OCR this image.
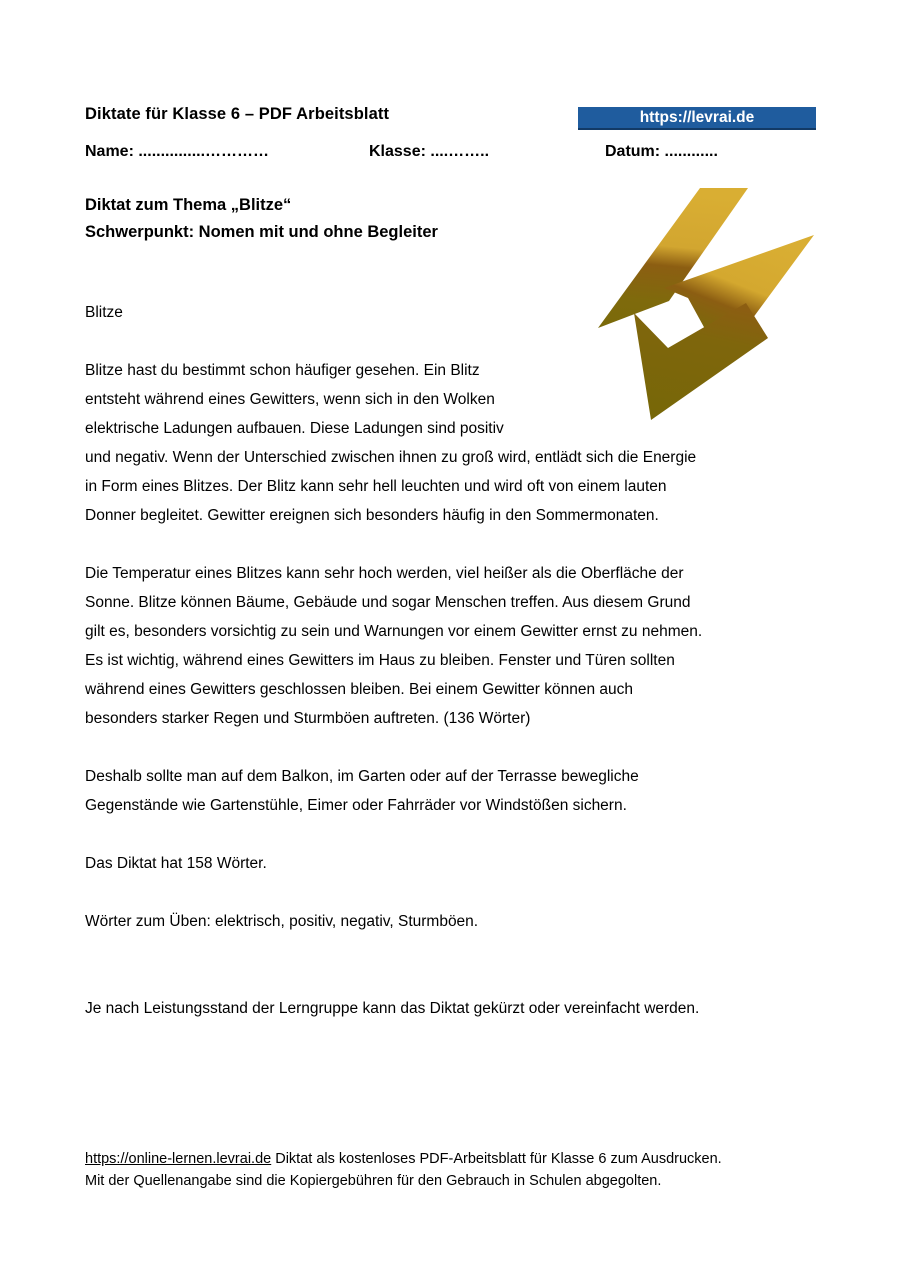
Diktate für Klasse 6 – PDF Arbeitsblatt	https://levrai.de
Name: ...............…………	Klasse: ....……..	Datum: ............
Diktat zum Thema „Blitze“
Schwerpunkt: Nomen mit und ohne Begleiter
Blitze
Blitze hast du bestimmt schon häufiger gesehen. Ein Blitz
entsteht während eines Gewitters, wenn sich in den Wolken
elektrische Ladungen aufbauen. Diese Ladungen sind positiv
und negativ. Wenn der Unterschied zwischen ihnen zu groß wird, entlädt sich die Energie
in Form eines Blitzes. Der Blitz kann sehr hell leuchten und wird oft von einem lauten
Donner begleitet. Gewitter ereignen sich besonders häufig in den Sommermonaten.
Die Temperatur eines Blitzes kann sehr hoch werden, viel heißer als die Oberfläche der
Sonne. Blitze können Bäume, Gebäude und sogar Menschen treffen. Aus diesem Grund
gilt es, besonders vorsichtig zu sein und Warnungen vor einem Gewitter ernst zu nehmen.
Es ist wichtig, während eines Gewitters im Haus zu bleiben. Fenster und Türen sollten
während eines Gewitters geschlossen bleiben. Bei einem Gewitter können auch
besonders starker Regen und Sturmböen auftreten. (136 Wörter)
Deshalb sollte man auf dem Balkon, im Garten oder auf der Terrasse bewegliche
Gegenstände wie Gartenstühle, Eimer oder Fahrräder vor Windstößen sichern.
Das Diktat hat 158 Wörter.
Wörter zum Üben: elektrisch, positiv, negativ, Sturmböen.
Je nach Leistungsstand der Lerngruppe kann das Diktat gekürzt oder vereinfacht werden.
https://online-lernen.levrai.de Diktat als kostenloses PDF-Arbeitsblatt für Klasse 6 zum Ausdrucken.
Mit der Quellenangabe sind die Kopiergebühren für den Gebrauch in Schulen abgegolten.
